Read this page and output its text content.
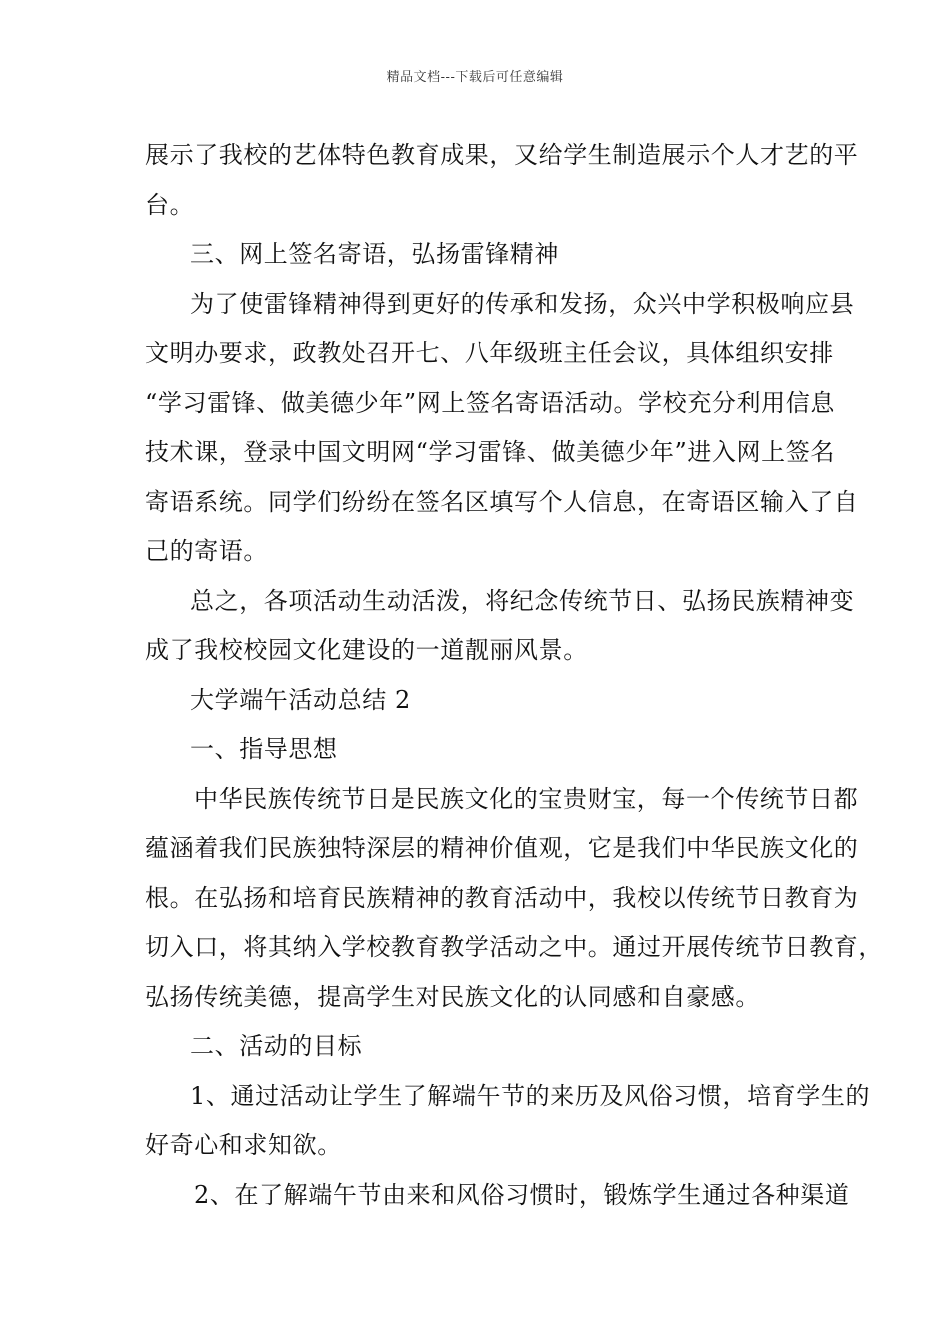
精品文档---下载后可任意编辑
展示了我校的艺体特色教育成果，又给学生制造展示个人才艺的平
台。
三、网上签名寄语，弘扬雷锋精神
为了使雷锋精神得到更好的传承和发扬，众兴中学积极响应县
文明办要求，政教处召开七、八年级班主任会议，具体组织安排
“学习雷锋、做美德少年”网上签名寄语活动。学校充分利用信息
技术课，登录中国文明网“学习雷锋、做美德少年”进入网上签名
寄语系统。同学们纷纷在签名区填写个人信息，在寄语区输入了自
己的寄语。
总之，各项活动生动活泼，将纪念传统节日、弘扬民族精神变
成了我校校园文化建设的一道靓丽风景。
大学端午活动总结 2
一、指导思想
中华民族传统节日是民族文化的宝贵财宝，每一个传统节日都
蕴涵着我们民族独特深层的精神价值观，它是我们中华民族文化的
根。在弘扬和培育民族精神的教育活动中，我校以传统节日教育为
切入口，将其纳入学校教育教学活动之中。通过开展传统节日教育，
弘扬传统美德，提高学生对民族文化的认同感和自豪感。
二、活动的目标
1、通过活动让学生了解端午节的来历及风俗习惯，培育学生的
好奇心和求知欲。
2、在了解端午节由来和风俗习惯时，锻炼学生通过各种渠道
